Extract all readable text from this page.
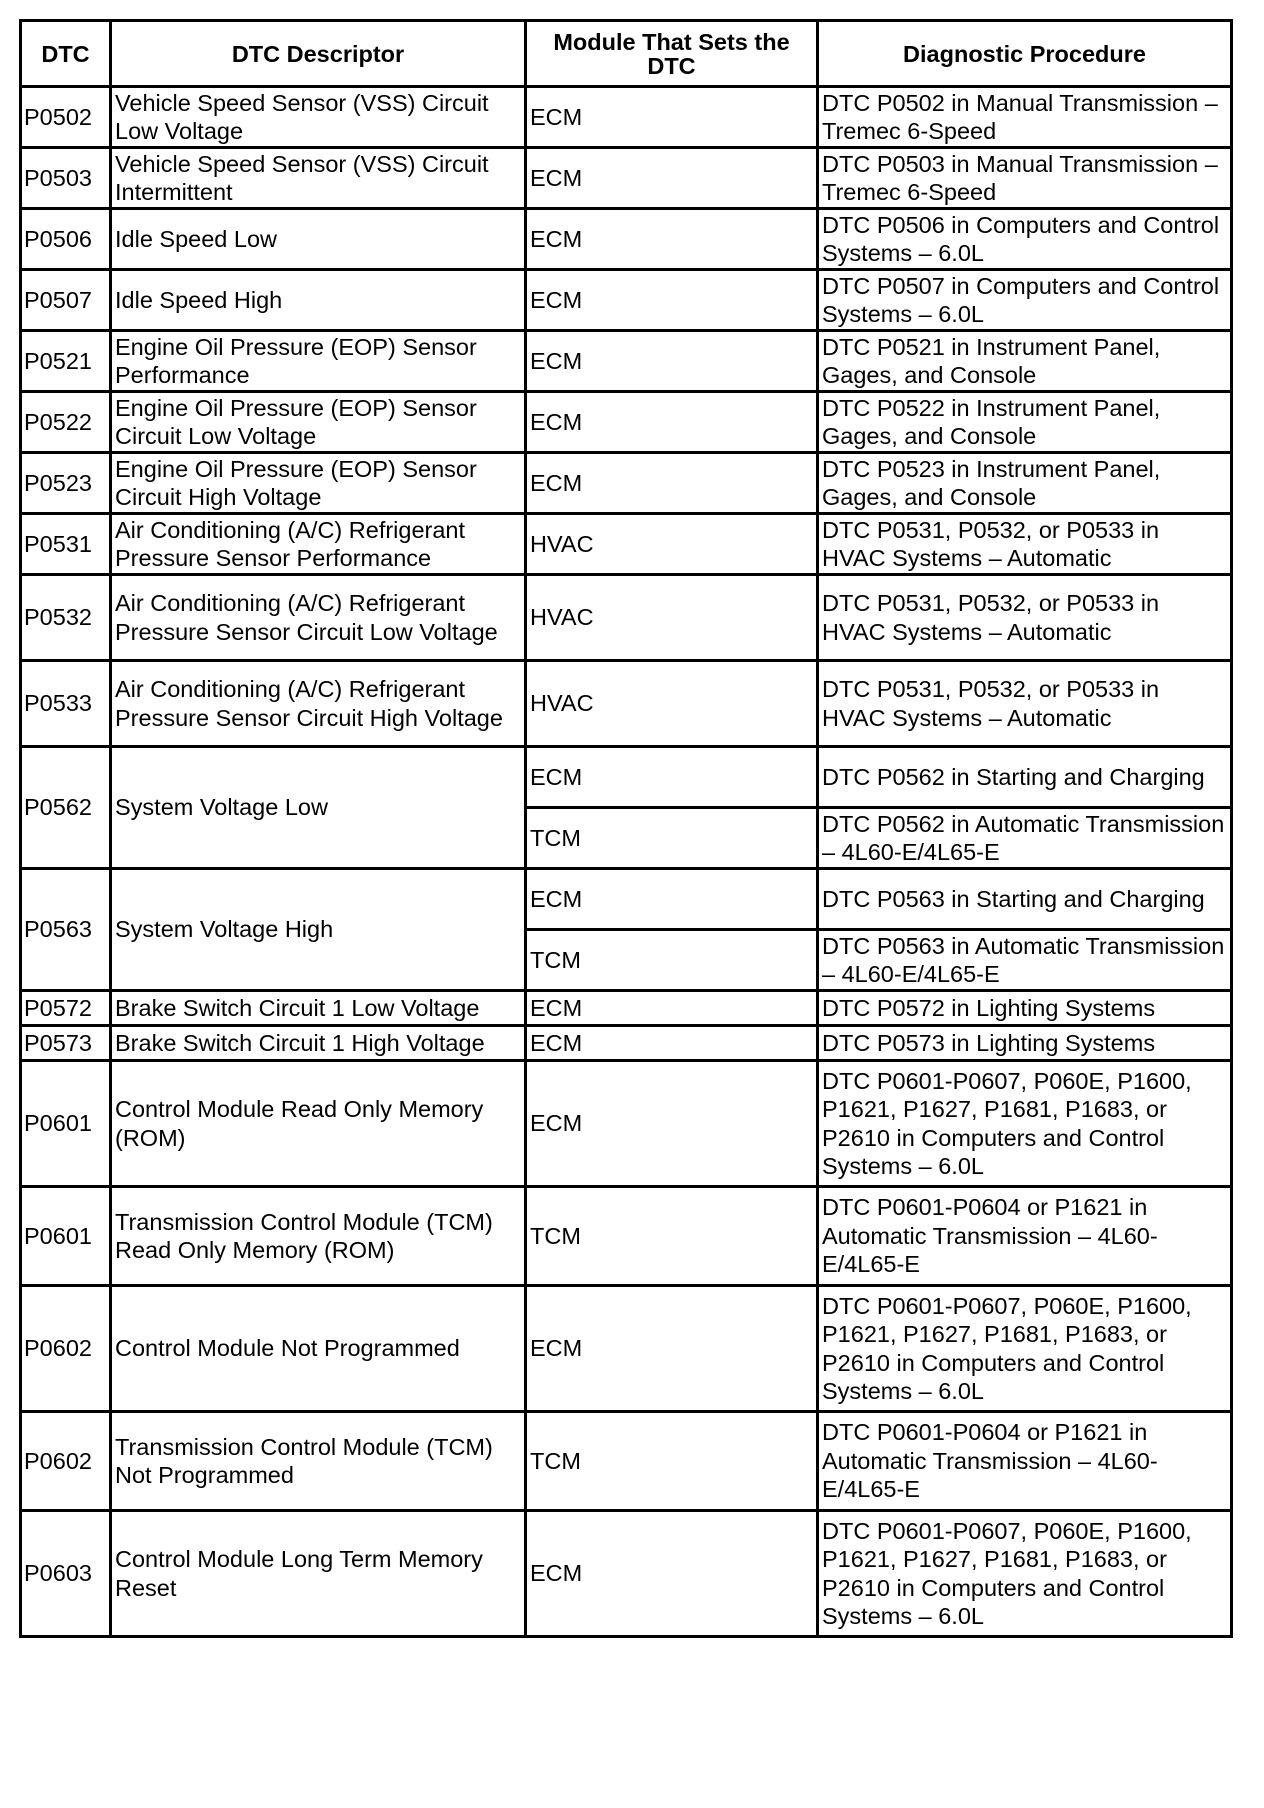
DTC	DTC Descriptor	Module That Sets the DTC	Diagnostic Procedure
P0502	Vehicle Speed Sensor (VSS) Circuit Low Voltage	ECM	DTC P0502 in Manual Transmission – Tremec 6-Speed
P0503	Vehicle Speed Sensor (VSS) Circuit Intermittent	ECM	DTC P0503 in Manual Transmission – Tremec 6-Speed
P0506	Idle Speed Low	ECM	DTC P0506 in Computers and Control Systems – 6.0L
P0507	Idle Speed High	ECM	DTC P0507 in Computers and Control Systems – 6.0L
P0521	Engine Oil Pressure (EOP) Sensor Performance	ECM	DTC P0521 in Instrument Panel, Gages, and Console
P0522	Engine Oil Pressure (EOP) Sensor Circuit Low Voltage	ECM	DTC P0522 in Instrument Panel, Gages, and Console
P0523	Engine Oil Pressure (EOP) Sensor Circuit High Voltage	ECM	DTC P0523 in Instrument Panel, Gages, and Console
P0531	Air Conditioning (A/C) Refrigerant Pressure Sensor Performance	HVAC	DTC P0531, P0532, or P0533 in HVAC Systems – Automatic
P0532	Air Conditioning (A/C) Refrigerant Pressure Sensor Circuit Low Voltage	HVAC	DTC P0531, P0532, or P0533 in HVAC Systems – Automatic
P0533	Air Conditioning (A/C) Refrigerant Pressure Sensor Circuit High Voltage	HVAC	DTC P0531, P0532, or P0533 in HVAC Systems – Automatic
P0562	System Voltage Low	ECM	DTC P0562 in Starting and Charging
		TCM	DTC P0562 in Automatic Transmission – 4L60-E/4L65-E
P0563	System Voltage High	ECM	DTC P0563 in Starting and Charging
		TCM	DTC P0563 in Automatic Transmission – 4L60-E/4L65-E
P0572	Brake Switch Circuit 1 Low Voltage	ECM	DTC P0572 in Lighting Systems
P0573	Brake Switch Circuit 1 High Voltage	ECM	DTC P0573 in Lighting Systems
P0601	Control Module Read Only Memory (ROM)	ECM	DTC P0601-P0607, P060E, P1600, P1621, P1627, P1681, P1683, or P2610 in Computers and Control Systems – 6.0L
P0601	Transmission Control Module (TCM) Read Only Memory (ROM)	TCM	DTC P0601-P0604 or P1621 in Automatic Transmission – 4L60-E/4L65-E
P0602	Control Module Not Programmed	ECM	DTC P0601-P0607, P060E, P1600, P1621, P1627, P1681, P1683, or P2610 in Computers and Control Systems – 6.0L
P0602	Transmission Control Module (TCM) Not Programmed	TCM	DTC P0601-P0604 or P1621 in Automatic Transmission – 4L60-E/4L65-E
P0603	Control Module Long Term Memory Reset	ECM	DTC P0601-P0607, P060E, P1600, P1621, P1627, P1681, P1683, or P2610 in Computers and Control Systems – 6.0L
